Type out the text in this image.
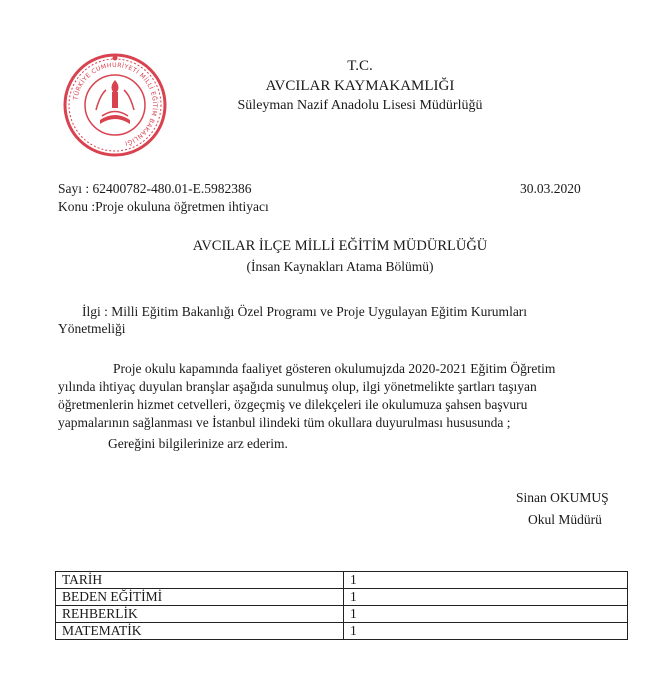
TÜRKİYE CUMHURİYETİ MİLLİ EĞİTİM BAKANLIĞI
T.C.
AVCILAR KAYMAKAMLIĞI
Süleyman Nazif Anadolu Lisesi Müdürlüğü
Sayı : 62400782-480.01-E.5982386	30.03.2020
Konu :Proje okuluna öğretmen ihtiyacı
AVCILAR İLÇE MİLLİ EĞİTİM MÜDÜRLÜĞÜ
(İnsan Kaynakları Atama Bölümü)
İlgi : Milli Eğitim Bakanlığı Özel Programı ve Proje Uygulayan Eğitim Kurumları
Yönetmeliği
Proje okulu kapamında faaliyet gösteren okulumujzda 2020-2021 Eğitim Öğretim
yılında ihtiyaç duyulan branşlar aşağıda sunulmuş olup, ilgi yönetmelikte şartları taşıyan
öğretmenlerin hizmet cetvelleri, özgeçmiş ve dilekçeleri ile okulumuza şahsen başvuru
yapmalarının sağlanması ve İstanbul ilindeki tüm okullara duyurulması hususunda ;
Gereğini bilgilerinize arz ederim.
Sinan OKUMUŞ
Okul Müdürü
TARİH	1
BEDEN EĞİTİMİ	1
REHBERLİK	1
MATEMATİK	1
